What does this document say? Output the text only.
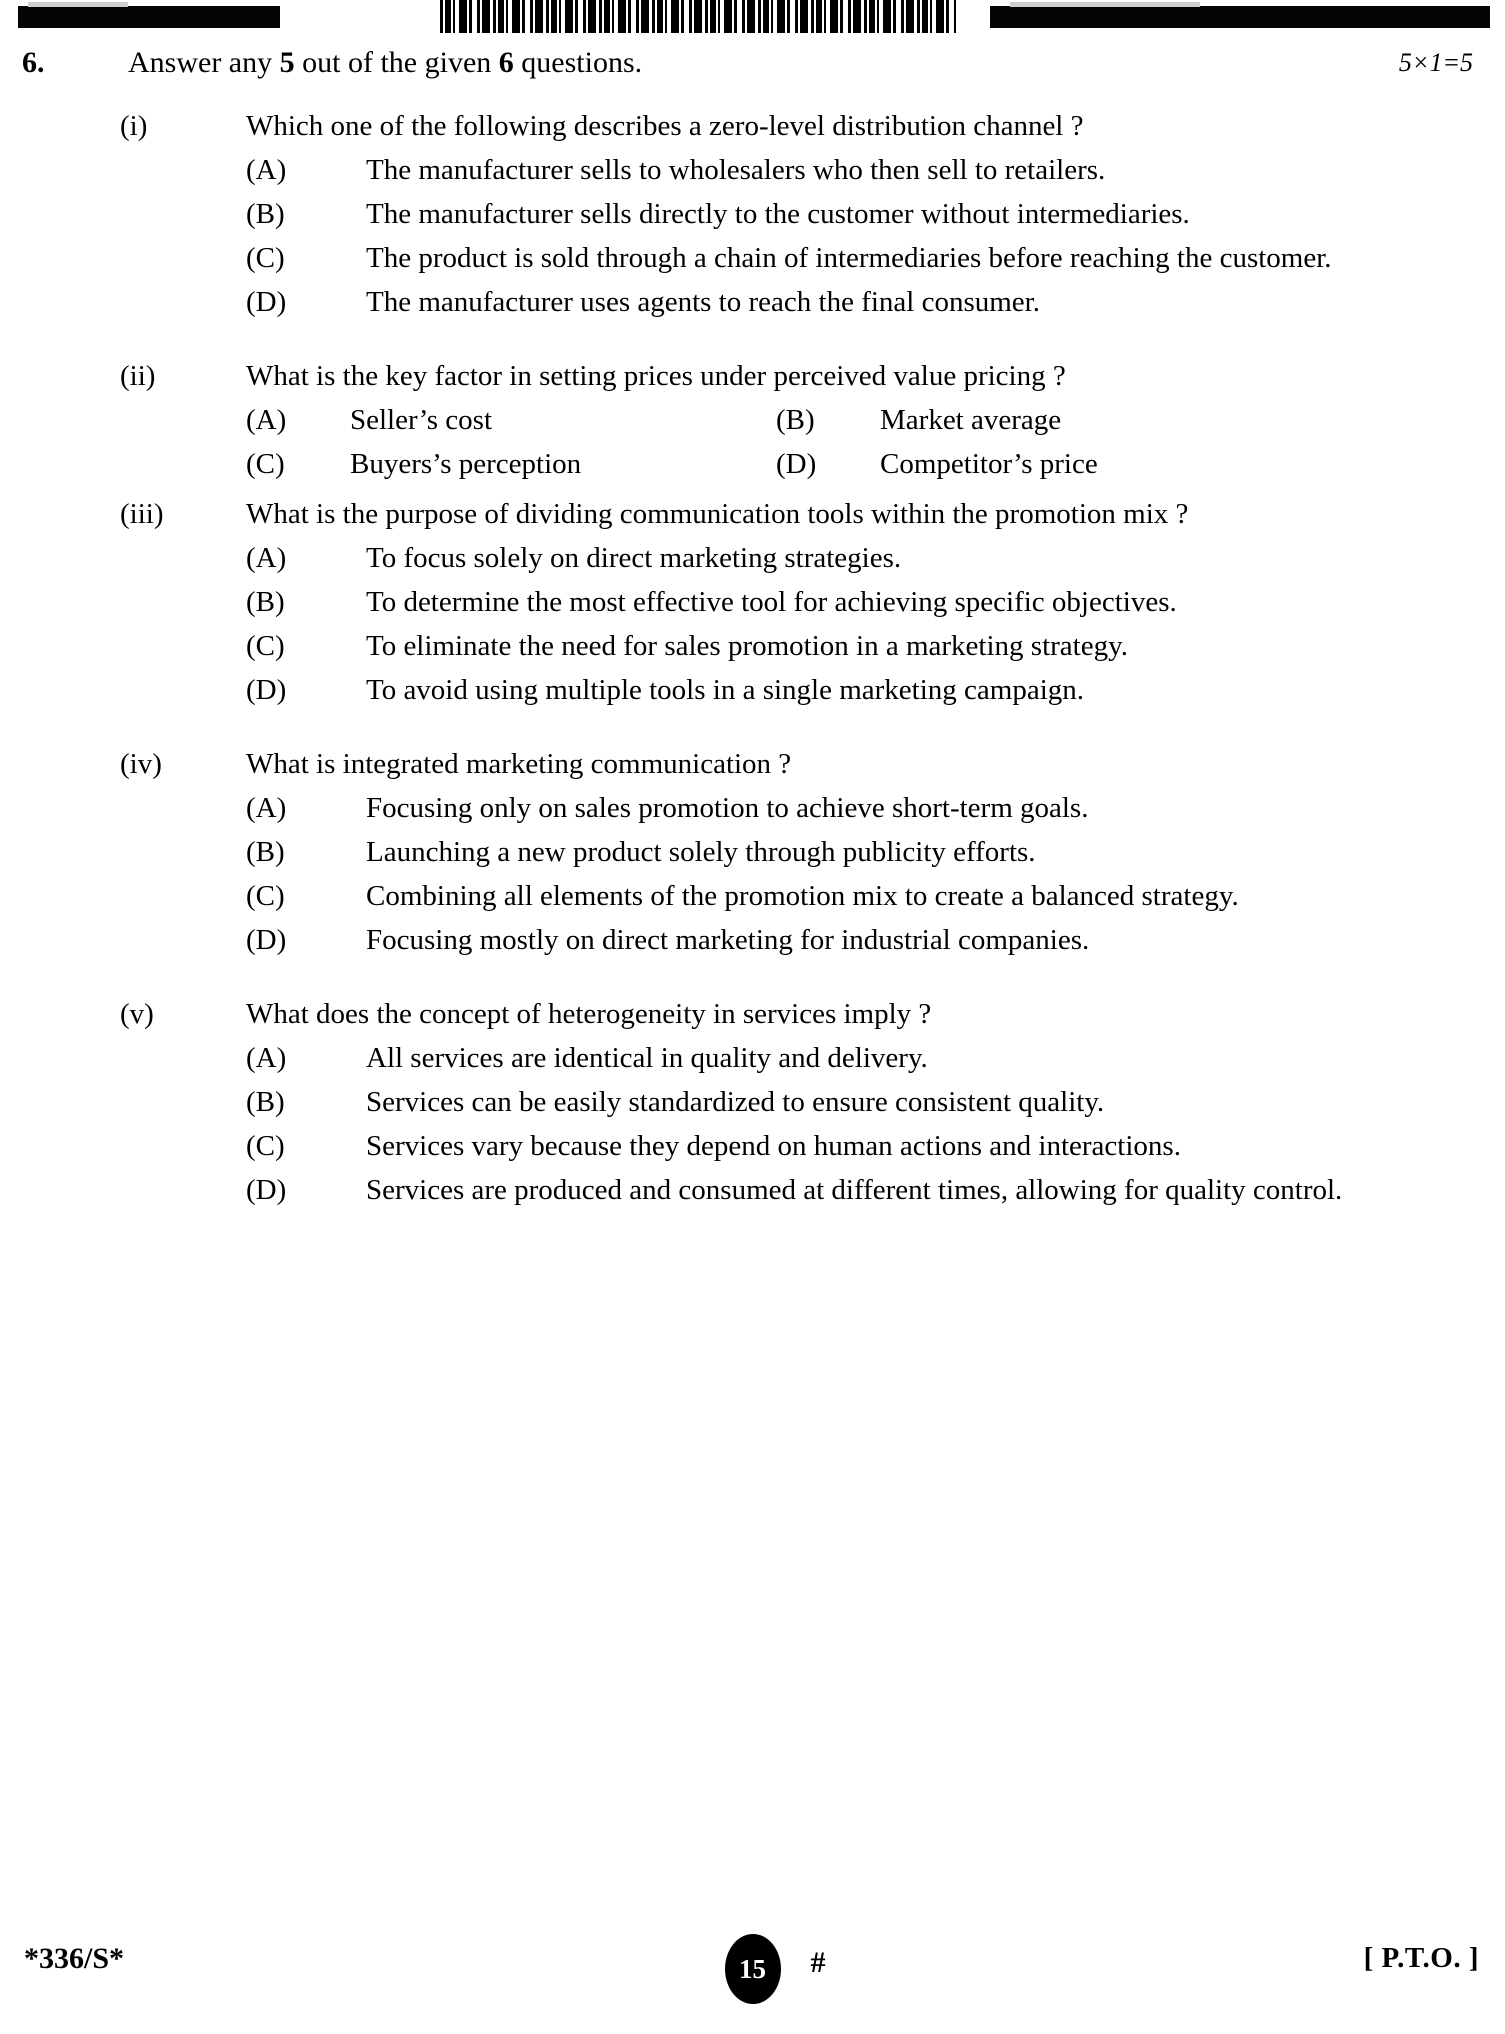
6.	Answer any 5 out of the given 6 questions.	5×1=5
(i)	Which one of the following describes a zero-level distribution channel ?
(A)	The manufacturer sells to wholesalers who then sell to retailers.
(B)	The manufacturer sells directly to the customer without intermediaries.
(C)	The product is sold through a chain of intermediaries before reaching the customer.
(D)	The manufacturer uses agents to reach the final consumer.
(ii)	What is the key factor in setting prices under perceived value pricing ?
(A) Seller’s cost	(B) Market average
(C) Buyers’s perception	(D) Competitor’s price
(iii)	What is the purpose of dividing communication tools within the promotion mix ?
(A)	To focus solely on direct marketing strategies.
(B)	To determine the most effective tool for achieving specific objectives.
(C)	To eliminate the need for sales promotion in a marketing strategy.
(D)	To avoid using multiple tools in a single marketing campaign.
(iv)	What is integrated marketing communication ?
(A)	Focusing only on sales promotion to achieve short-term goals.
(B)	Launching a new product solely through publicity efforts.
(C)	Combining all elements of the promotion mix to create a balanced strategy.
(D)	Focusing mostly on direct marketing for industrial companies.
(v)	What does the concept of heterogeneity in services imply ?
(A)	All services are identical in quality and delivery.
(B)	Services can be easily standardized to ensure consistent quality.
(C)	Services vary because they depend on human actions and interactions.
(D)	Services are produced and consumed at different times, allowing for quality control.
*336/S*	15	#	[ P.T.O. ]
